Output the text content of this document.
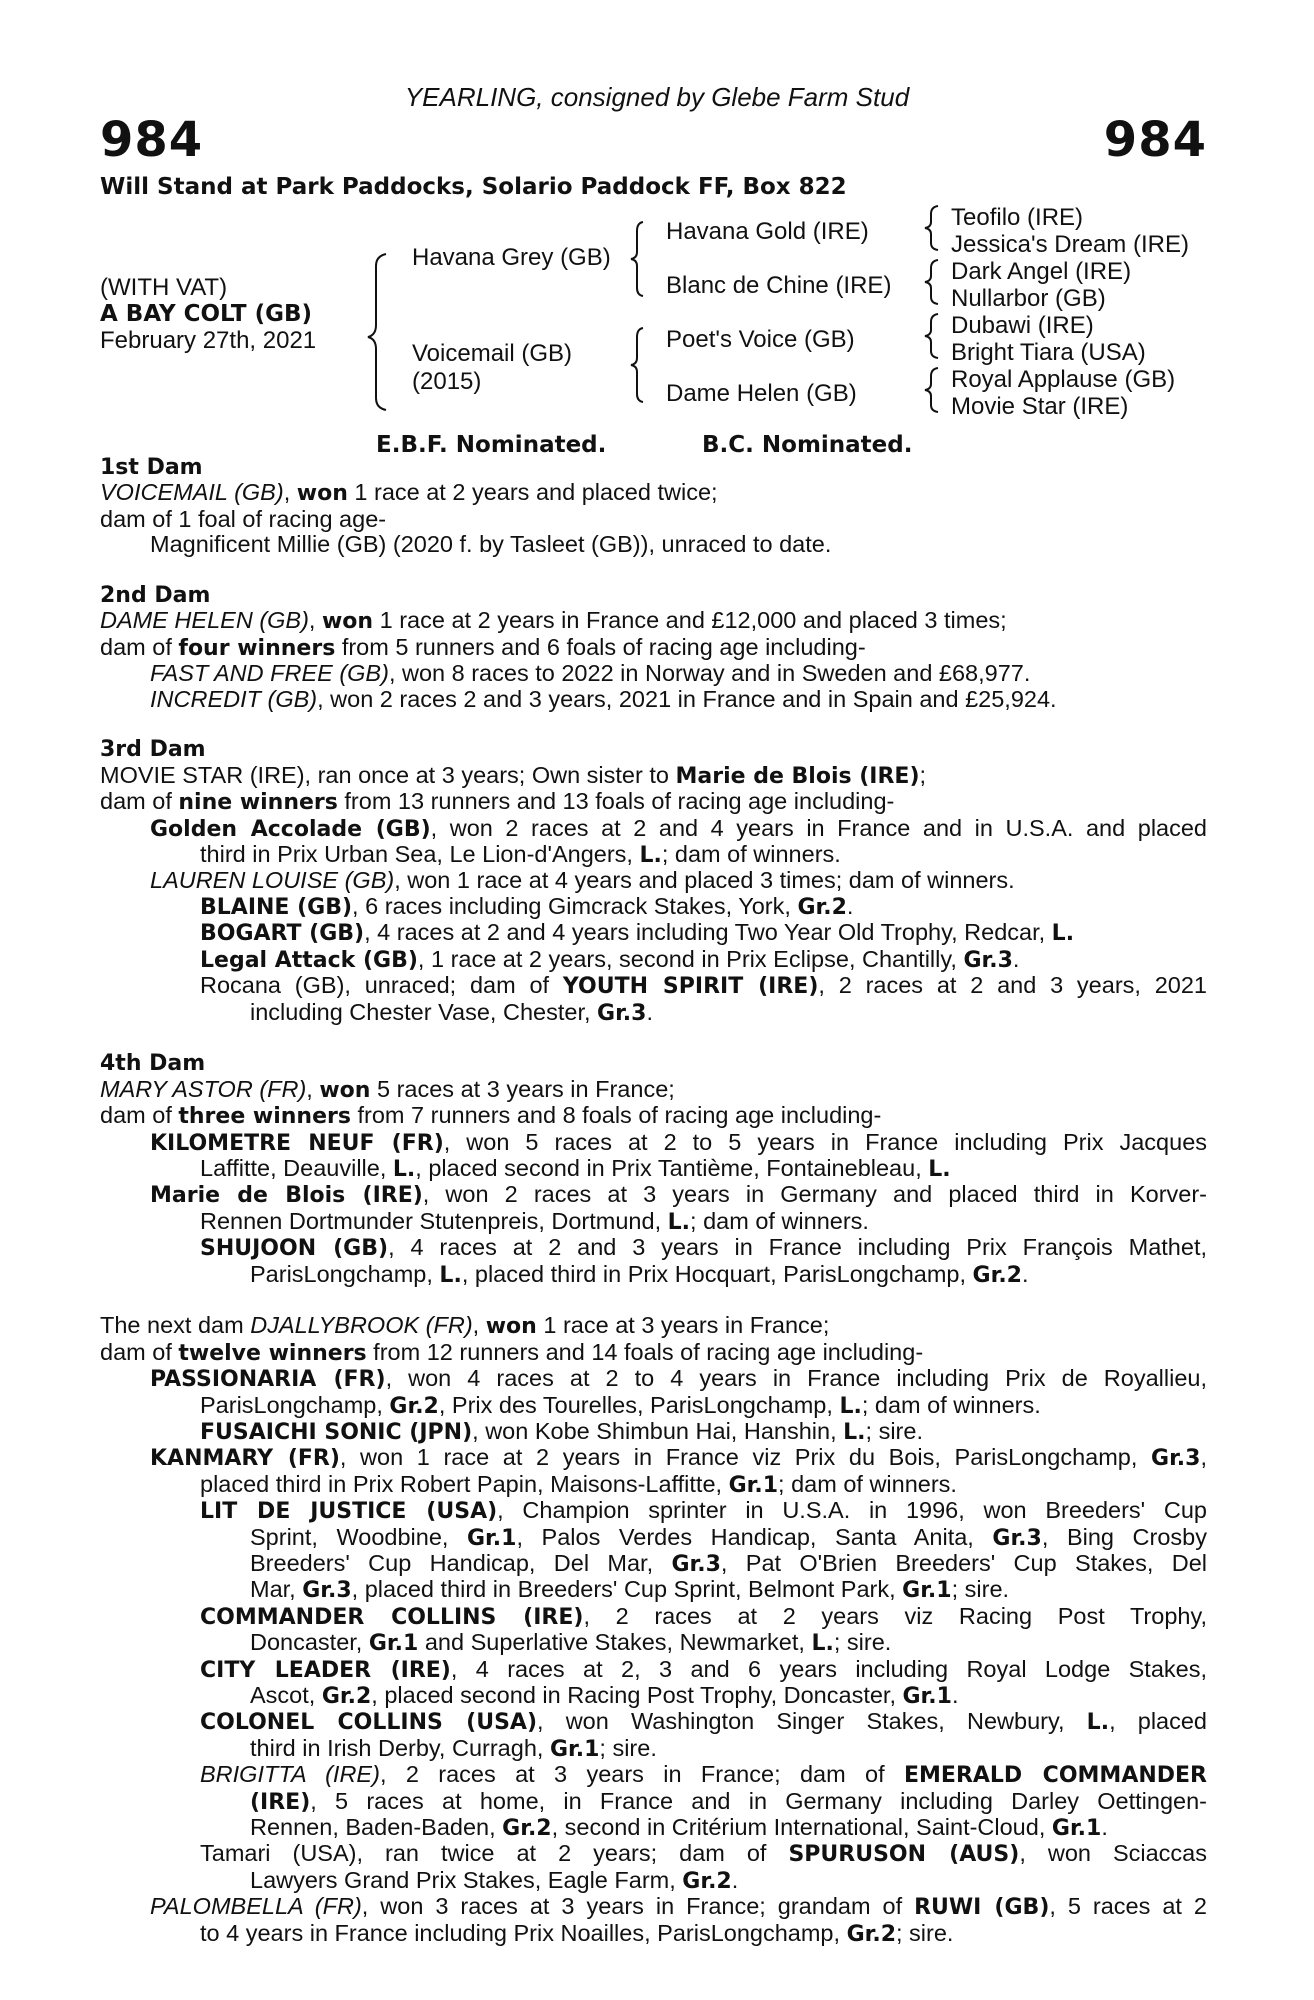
YEARLING, consigned by Glebe Farm Stud
984	984
Will Stand at Park Paddocks, Solario Paddock FF, Box 822
(WITH VAT)
A BAY COLT (GB)
February 27th, 2021
Havana Grey (GB)
Voicemail (GB)
(2015)
Havana Gold (IRE)
Blanc de Chine (IRE)
Poet's Voice (GB)
Dame Helen (GB)
Teofilo (IRE)
Jessica's Dream (IRE)
Dark Angel (IRE)
Nullarbor (GB)
Dubawi (IRE)
Bright Tiara (USA)
Royal Applause (GB)
Movie Star (IRE)
E.B.F. Nominated.	B.C. Nominated.
1st Dam
VOICEMAIL (GB), won 1 race at 2 years and placed twice;
dam of 1 foal of racing age-
Magnificent Millie (GB) (2020 f. by Tasleet (GB)), unraced to date.
2nd Dam
DAME HELEN (GB), won 1 race at 2 years in France and £12,000 and placed 3 times;
dam of four winners from 5 runners and 6 foals of racing age including-
FAST AND FREE (GB), won 8 races to 2022 in Norway and in Sweden and £68,977.
INCREDIT (GB), won 2 races 2 and 3 years, 2021 in France and in Spain and £25,924.
3rd Dam
MOVIE STAR (IRE), ran once at 3 years; Own sister to Marie de Blois (IRE);
dam of nine winners from 13 runners and 13 foals of racing age including-
Golden Accolade (GB), won 2 races at 2 and 4 years in France and in U.S.A. and placed
third in Prix Urban Sea, Le Lion-d'Angers, L.; dam of winners.
LAUREN LOUISE (GB), won 1 race at 4 years and placed 3 times; dam of winners.
BLAINE (GB), 6 races including Gimcrack Stakes, York, Gr.2.
BOGART (GB), 4 races at 2 and 4 years including Two Year Old Trophy, Redcar, L.
Legal Attack (GB), 1 race at 2 years, second in Prix Eclipse, Chantilly, Gr.3.
Rocana (GB), unraced; dam of YOUTH SPIRIT (IRE), 2 races at 2 and 3 years, 2021
including Chester Vase, Chester, Gr.3.
4th Dam
MARY ASTOR (FR), won 5 races at 3 years in France;
dam of three winners from 7 runners and 8 foals of racing age including-
KILOMETRE NEUF (FR), won 5 races at 2 to 5 years in France including Prix Jacques
Laffitte, Deauville, L., placed second in Prix Tantième, Fontainebleau, L.
Marie de Blois (IRE), won 2 races at 3 years in Germany and placed third in Korver-
Rennen Dortmunder Stutenpreis, Dortmund, L.; dam of winners.
SHUJOON (GB), 4 races at 2 and 3 years in France including Prix François Mathet,
ParisLongchamp, L., placed third in Prix Hocquart, ParisLongchamp, Gr.2.
The next dam DJALLYBROOK (FR), won 1 race at 3 years in France;
dam of twelve winners from 12 runners and 14 foals of racing age including-
PASSIONARIA (FR), won 4 races at 2 to 4 years in France including Prix de Royallieu,
ParisLongchamp, Gr.2, Prix des Tourelles, ParisLongchamp, L.; dam of winners.
FUSAICHI SONIC (JPN), won Kobe Shimbun Hai, Hanshin, L.; sire.
KANMARY (FR), won 1 race at 2 years in France viz Prix du Bois, ParisLongchamp, Gr.3,
placed third in Prix Robert Papin, Maisons-Laffitte, Gr.1; dam of winners.
LIT DE JUSTICE (USA), Champion sprinter in U.S.A. in 1996, won Breeders' Cup
Sprint, Woodbine, Gr.1, Palos Verdes Handicap, Santa Anita, Gr.3, Bing Crosby
Breeders' Cup Handicap, Del Mar, Gr.3, Pat O'Brien Breeders' Cup Stakes, Del
Mar, Gr.3, placed third in Breeders' Cup Sprint, Belmont Park, Gr.1; sire.
COMMANDER COLLINS (IRE), 2 races at 2 years viz Racing Post Trophy,
Doncaster, Gr.1 and Superlative Stakes, Newmarket, L.; sire.
CITY LEADER (IRE), 4 races at 2, 3 and 6 years including Royal Lodge Stakes,
Ascot, Gr.2, placed second in Racing Post Trophy, Doncaster, Gr.1.
COLONEL COLLINS (USA), won Washington Singer Stakes, Newbury, L., placed
third in Irish Derby, Curragh, Gr.1; sire.
BRIGITTA (IRE), 2 races at 3 years in France; dam of EMERALD COMMANDER
(IRE), 5 races at home, in France and in Germany including Darley Oettingen-
Rennen, Baden-Baden, Gr.2, second in Critérium International, Saint-Cloud, Gr.1.
Tamari (USA), ran twice at 2 years; dam of SPURUSON (AUS), won Sciaccas
Lawyers Grand Prix Stakes, Eagle Farm, Gr.2.
PALOMBELLA (FR), won 3 races at 3 years in France; grandam of RUWI (GB), 5 races at 2
to 4 years in France including Prix Noailles, ParisLongchamp, Gr.2; sire.
